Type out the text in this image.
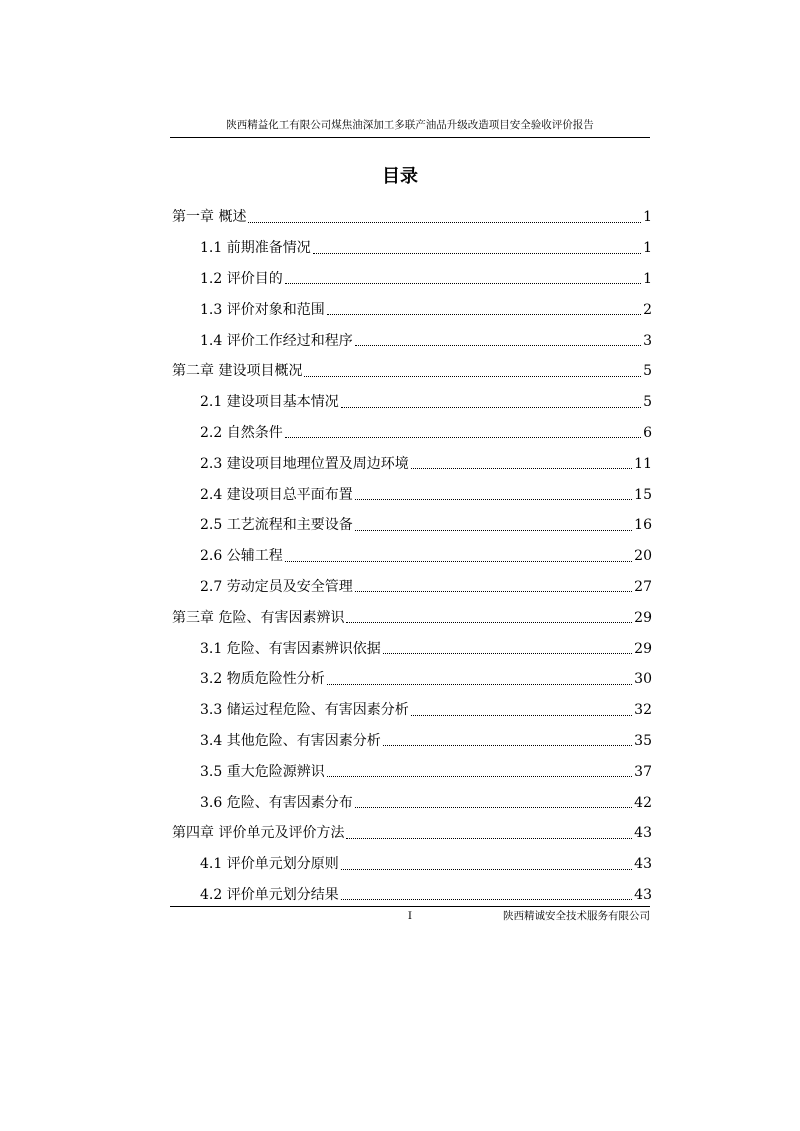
陕西精益化工有限公司煤焦油深加工多联产油品升级改造项目安全验收评价报告
目录
第一章 概述	1
1.1 前期准备情况	1
1.2 评价目的	1
1.3 评价对象和范围	2
1.4 评价工作经过和程序	3
第二章 建设项目概况	5
2.1 建设项目基本情况	5
2.2 自然条件	6
2.3 建设项目地理位置及周边环境	11
2.4 建设项目总平面布置	15
2.5 工艺流程和主要设备	16
2.6 公辅工程	20
2.7 劳动定员及安全管理	27
第三章 危险、有害因素辨识	29
3.1 危险、有害因素辨识依据	29
3.2 物质危险性分析	30
3.3 储运过程危险、有害因素分析	32
3.4 其他危险、有害因素分析	35
3.5 重大危险源辨识	37
3.6 危险、有害因素分布	42
第四章 评价单元及评价方法	43
4.1 评价单元划分原则	43
4.2 评价单元划分结果	43
I	陕西精诚安全技术服务有限公司
